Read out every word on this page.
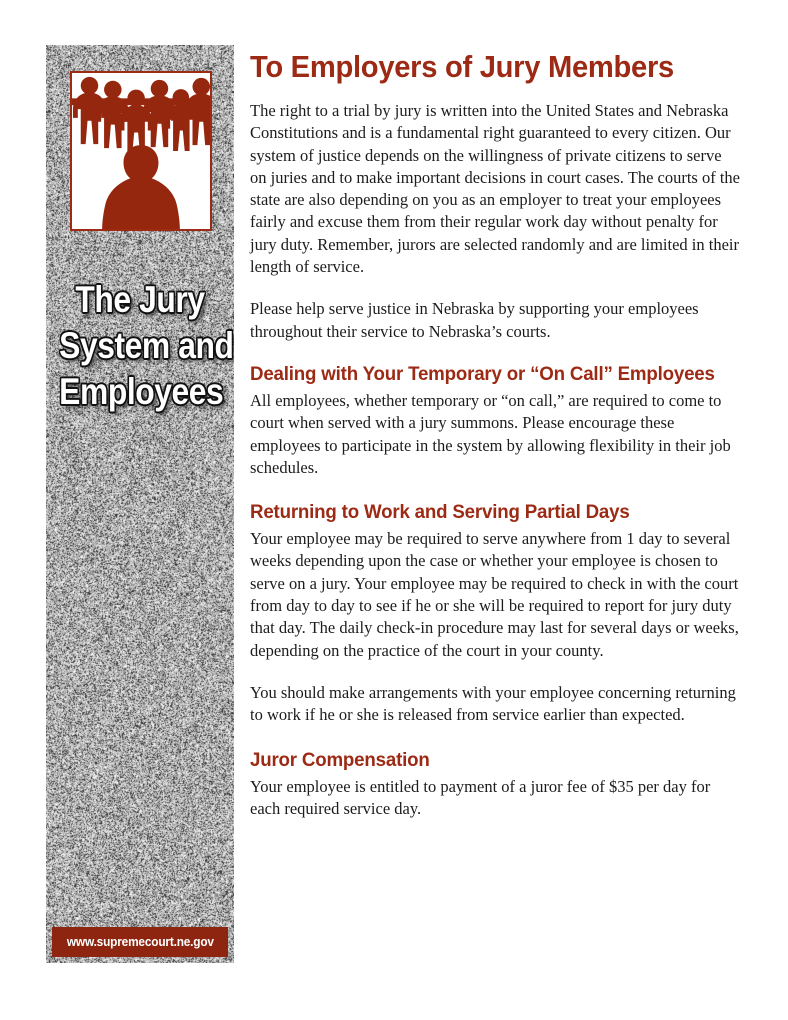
The Jury
System and
Employees
www.supremecourt.ne.gov
To Employers of Jury Members

The right to a trial by jury is written into the United States and Nebraska Constitutions and is a fundamental right guaranteed to every citizen. Our system of justice depends on the willingness of private citizens to serve on juries and to make important decisions in court cases. The courts of the state are also depending on you as an employer to treat your employees fairly and excuse them from their regular work day without penalty for jury duty. Remember, jurors are selected randomly and are limited in their length of service.

Please help serve justice in Nebraska by supporting your employees throughout their service to Nebraska’s courts.

Dealing with Your Temporary or “On Call” Employees

All employees, whether temporary or “on call,” are required to come to court when served with a jury summons. Please encourage these employees to participate in the system by allowing flexibility in their job schedules.

Returning to Work and Serving Partial Days

Your employee may be required to serve anywhere from 1 day to several weeks depending upon the case or whether your employee is chosen to serve on a jury. Your employee may be required to check in with the court from day to day to see if he or she will be required to report for jury duty that day. The daily check-in procedure may last for several days or weeks, depending on the practice of the court in your county.

You should make arrangements with your employee concerning returning to work if he or she is released from service earlier than expected.

Juror Compensation

Your employee is entitled to payment of a juror fee of $35 per day for each required service day.
